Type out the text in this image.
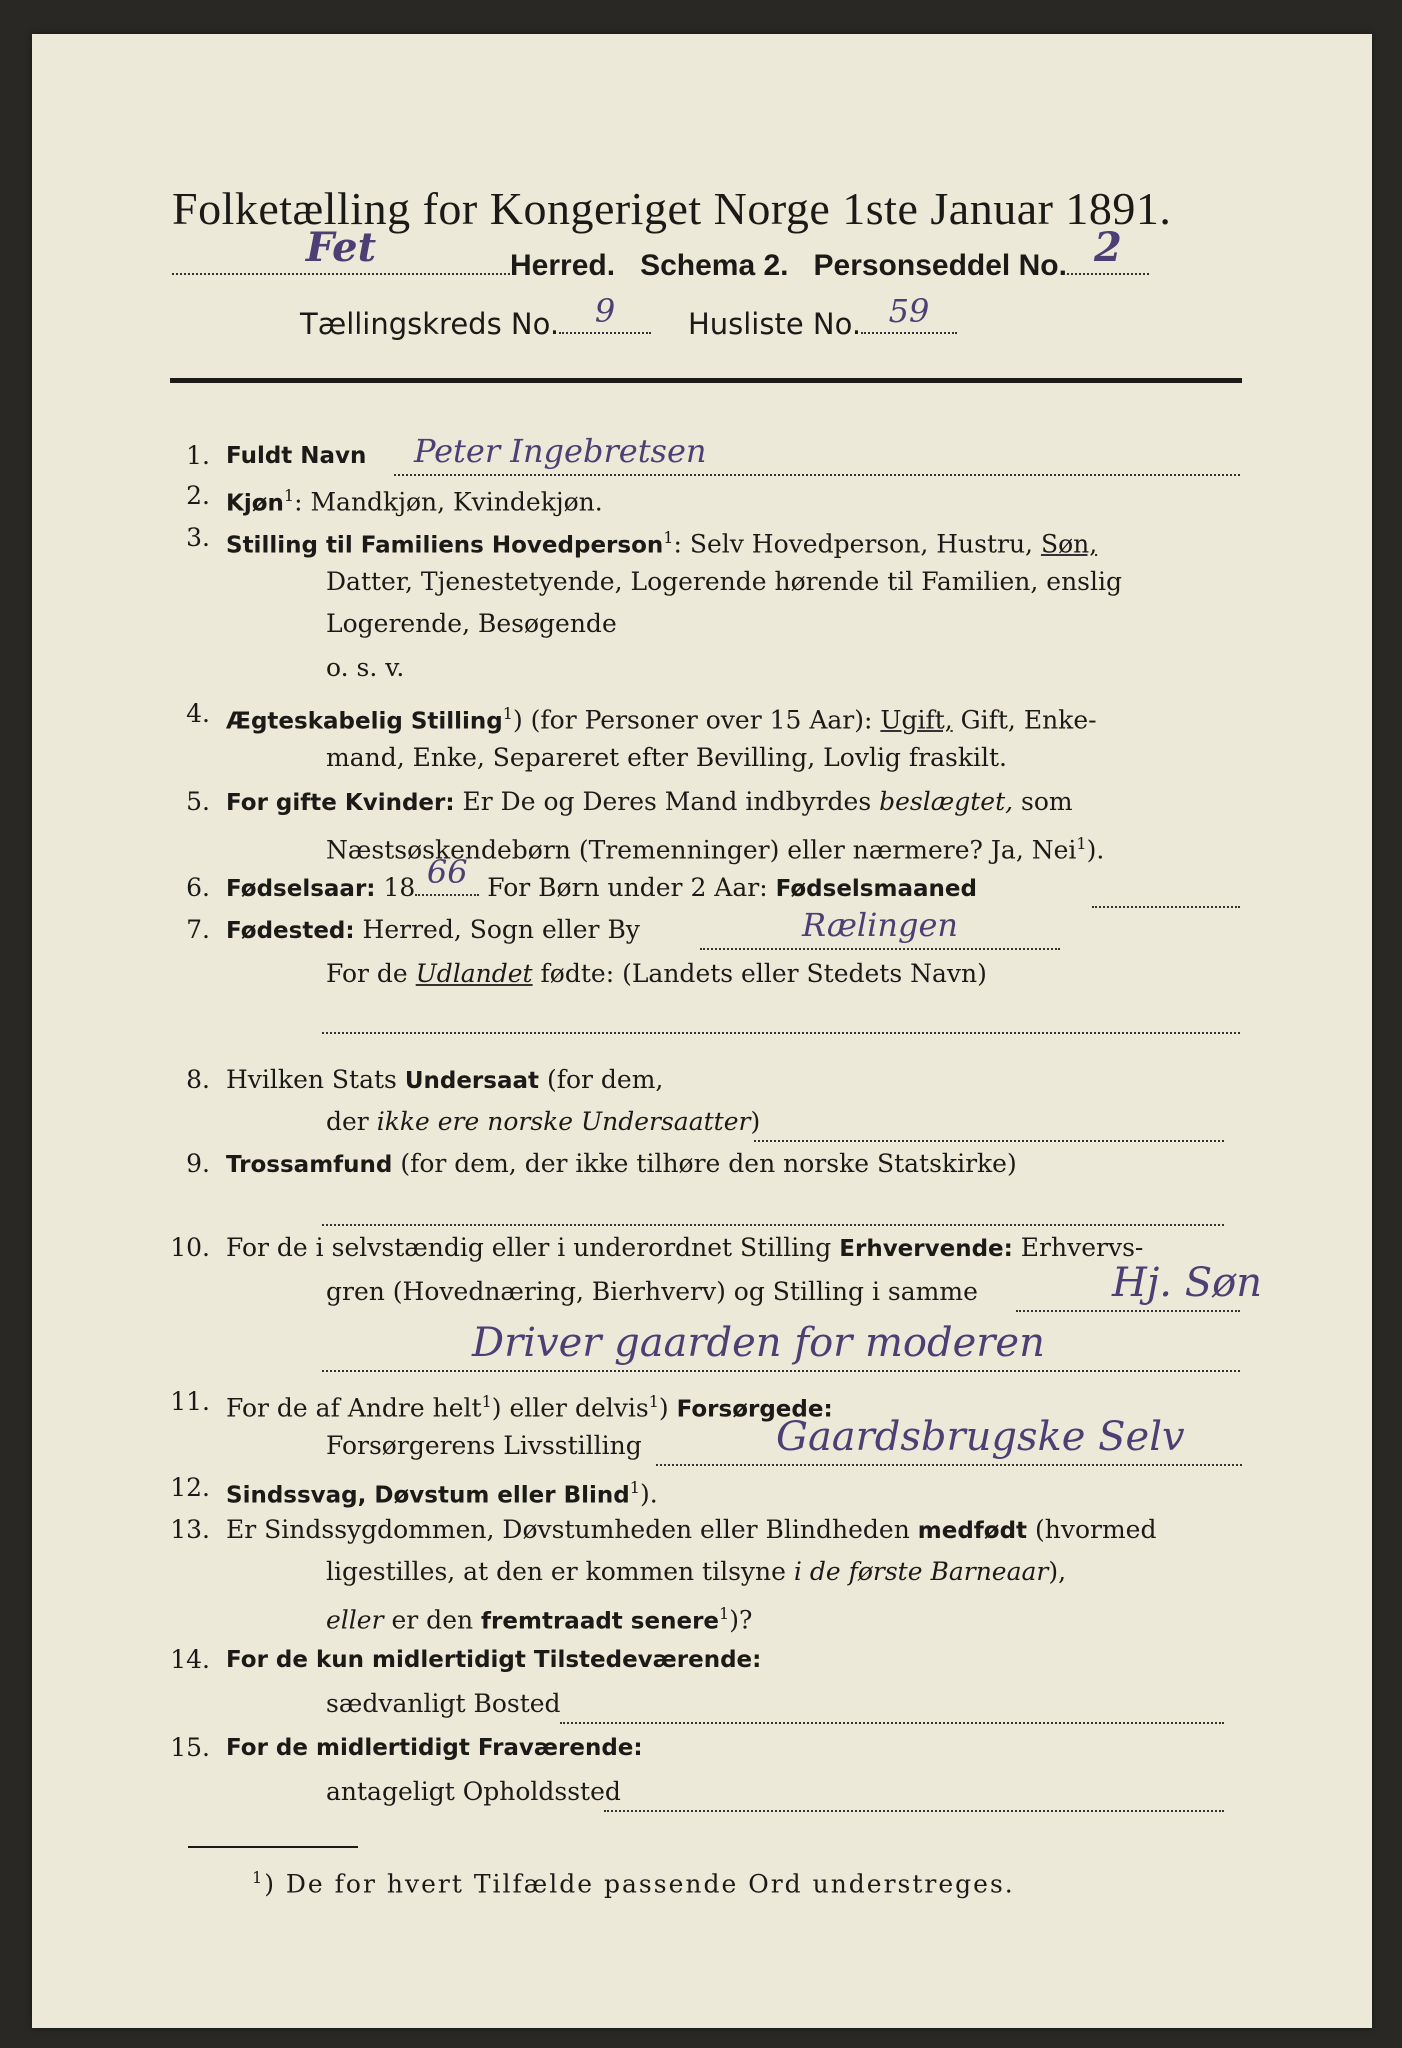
Folketælling for Kongeriget Norge 1ste Januar 1891.
Fet	Herred. Schema 2. Personseddel No. 2
Tællingskreds No.	9	Husliste No. 59
1. Fuldt Navn Peter Ingebretsen
2. Kjøn$^1$: Mandkjøn, Kvindekjøn.
3. Stilling til Familiens Hovedperson$^1$: Selv Hovedperson, Hustru, Søn,
Datter, Tjenestetyende, Logerende hørende til Familien, enslig
Logerende, Besøgende
o. s. v.
4. Ægteskabelig Stilling$^1$) (for Personer over 15 Aar): Ugift, Gift, Enke-
mand, Enke, Separeret efter Bevilling, Lovlig fraskilt.
5. For gifte Kvinder: Er De og Deres Mand indbyrdes beslægtet, som
Næstsøskendebørn (Tremenninger) eller nærmere? Ja, Nei$^1$).
6. Fødselsaar: 18 66 For Børn under 2 Aar: Fødselsmaaned
7. Fødested: Herred, Sogn eller By	Rælingen
For de Udlandet fødte: (Landets eller Stedets Navn)
8. Hvilken Stats Undersaat (for dem,
der ikke ere norske Undersaatter)
9. Trossamfund (for dem, der ikke tilhøre den norske Statskirke)
10. For de i selvstændig eller i underordnet Stilling Erhvervende: Erhvervs-
gren (Hovednæring, Bierhverv) og Stilling i samme	Hj. Søn
Driver gaarden for moderen
11. For de af Andre helt$^1$) eller delvis$^1$) Forsørgede:
Forsørgerens Livsstilling	Gaardsbrugske Selv
12. Sindssvag, Døvstum eller Blind$^1$).
13. Er Sindssygdommen, Døvstumheden eller Blindheden medfødt (hvormed
ligestilles, at den er kommen tilsyne i de første Barneaar),
eller er den fremtraadt senere$^1$)?
14. For de kun midlertidigt Tilstedeværende:
sædvanligt Bosted
15. For de midlertidigt Fraværende:
antageligt Opholdssted
$^1$) De for hvert Tilfælde passende Ord understreges.
